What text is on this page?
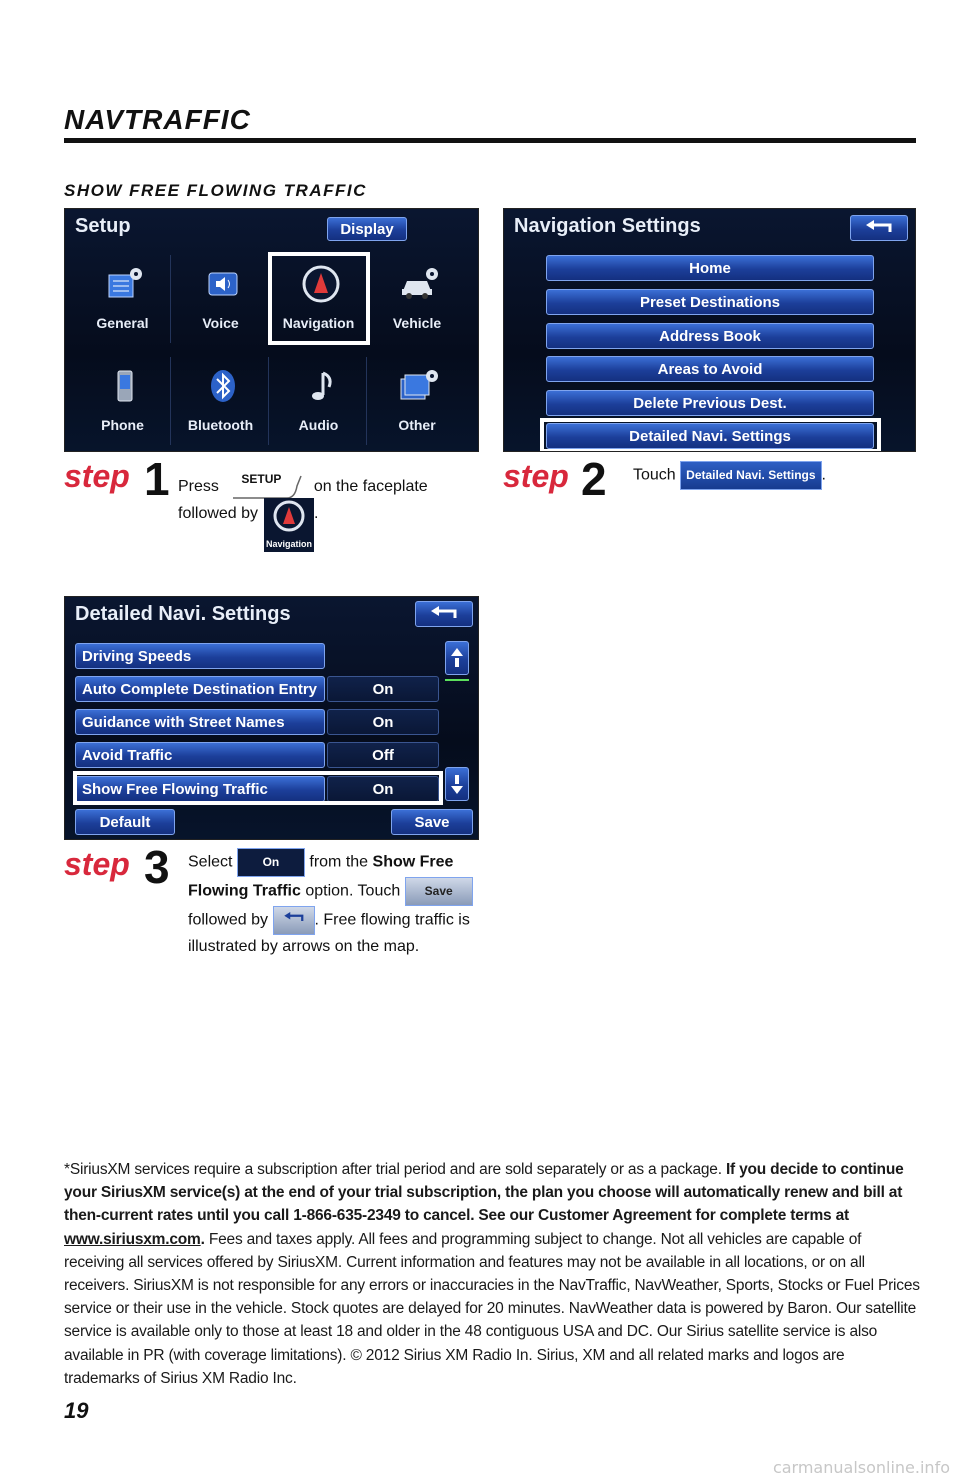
NAVTRAFFIC
SHOW FREE FLOWING TRAFFIC
Setup	Display
General	Voice	Navigation	Vehicle
Phone	Bluetooth	Audio	Other
Navigation Settings
Home
Preset Destinations
Address Book
Areas to Avoid
Delete Previous Dest.
Detailed Navi. Settings
step 1 Press SETUP on the faceplate
followed by
Navigation
.
step 2 Touch Detailed Navi. Settings .
Detailed Navi. Settings
Driving Speeds
Auto Complete Destination Entry	On
Guidance with Street Names	On
Avoid Traffic	Off
Show Free Flowing Traffic	On
Default	Save
step 3 Select	On from the Show Free Flowing Traffic option. Touch Save followed by	. Free flowing traffic is illustrated by arrows on the map.
*SiriusXM services require a subscription after trial period and are sold separately or as a package. If you decide to continue your SiriusXM service(s) at the end of your trial subscription, the plan you choose will automatically renew and bill at then-current rates until you call 1-866-635-2349 to cancel. See our Customer Agreement for complete terms at www.siriusxm.com. Fees and taxes apply. All fees and programming subject to change. Not all vehicles are capable of receiving all services offered by SiriusXM. Current information and features may not be available in all locations, or on all receivers. SiriusXM is not responsible for any errors or inaccuracies in the NavTraffic, NavWeather, Sports, Stocks or Fuel Prices service or their use in the vehicle. Stock quotes are delayed for 20 minutes. NavWeather data is powered by Baron. Our satellite service is available only to those at least 18 and older in the 48 contiguous USA and DC. Our Sirius satellite service is also available in PR (with coverage limitations). © 2012 Sirius XM Radio In. Sirius, XM and all related marks and logos are trademarks of Sirius XM Radio Inc.
19
carmanualsonline.info
